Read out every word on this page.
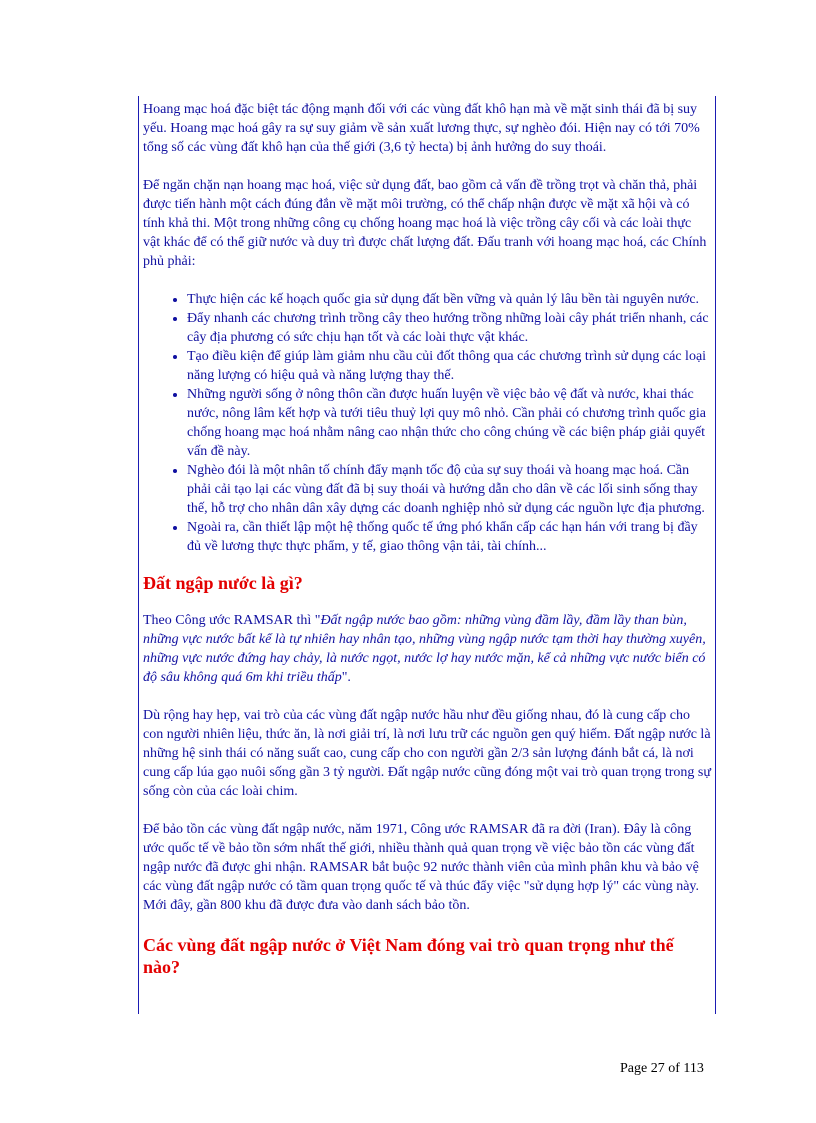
Hoang mạc hoá đặc biệt tác động mạnh đối với các vùng đất khô hạn mà về mặt sinh thái đã bị suy yếu. Hoang mạc hoá gây ra sự suy giảm về sản xuất lương thực, sự nghèo đói. Hiện nay có tới 70% tổng số các vùng đất khô hạn của thế giới (3,6 tỷ hecta) bị ảnh hưởng do suy thoái.

Để ngăn chặn nạn hoang mạc hoá, việc sử dụng đất, bao gồm cả vấn đề trồng trọt và chăn thả, phải được tiến hành một cách đúng đắn về mặt môi trường, có thể chấp nhận được về mặt xã hội và có tính khả thi. Một trong những công cụ chống hoang mạc hoá là việc trồng cây cối và các loài thực vật khác để có thể giữ nước và duy trì được chất lượng đất. Đấu tranh với hoang mạc hoá, các Chính phủ phải:

• Thực hiện các kế hoạch quốc gia sử dụng đất bền vững và quản lý lâu bền tài nguyên nước.
• Đẩy nhanh các chương trình trồng cây theo hướng trồng những loài cây phát triển nhanh, các cây địa phương có sức chịu hạn tốt và các loài thực vật khác.
• Tạo điều kiện để giúp làm giảm nhu cầu củi đốt thông qua các chương trình sử dụng các loại năng lượng có hiệu quả và năng lượng thay thế.
• Những người sống ở nông thôn cần được huấn luyện về việc bảo vệ đất và nước, khai thác nước, nông lâm kết hợp và tưới tiêu thuỷ lợi quy mô nhỏ. Cần phải có chương trình quốc gia chống hoang mạc hoá nhằm nâng cao nhận thức cho công chúng về các biện pháp giải quyết vấn đề này.
• Nghèo đói là một nhân tố chính đẩy mạnh tốc độ của sự suy thoái và hoang mạc hoá. Cần phải cải tạo lại các vùng đất đã bị suy thoái và hướng dẫn cho dân về các lối sinh sống thay thế, hỗ trợ cho nhân dân xây dựng các doanh nghiệp nhỏ sử dụng các nguồn lực địa phương.
• Ngoài ra, cần thiết lập một hệ thống quốc tế ứng phó khẩn cấp các hạn hán với trang bị đầy đủ về lương thực thực phẩm, y tế, giao thông vận tải, tài chính...
Đất ngập nước là gì?

Theo Công ước RAMSAR thì "Đất ngập nước bao gồm: những vùng đầm lầy, đầm lầy than bùn, những vực nước bất kể là tự nhiên hay nhân tạo, những vùng ngập nước tạm thời hay thường xuyên, những vực nước đứng hay chảy, là nước ngọt, nước lợ hay nước mặn, kể cả những vực nước biển có độ sâu không quá 6m khi triều thấp".

Dù rộng hay hẹp, vai trò của các vùng đất ngập nước hầu như đều giống nhau, đó là cung cấp cho con người nhiên liệu, thức ăn, là nơi giải trí, là nơi lưu trữ các nguồn gen quý hiếm. Đất ngập nước là những hệ sinh thái có năng suất cao, cung cấp cho con người gần 2/3 sản lượng đánh bắt cá, là nơi cung cấp lúa gạo nuôi sống gần 3 tỷ người. Đất ngập nước cũng đóng một vai trò quan trọng trong sự sống còn của các loài chim.

Để bảo tồn các vùng đất ngập nước, năm 1971, Công ước RAMSAR đã ra đời (Iran). Đây là công ước quốc tế về bảo tồn sớm nhất thế giới, nhiều thành quả quan trọng về việc bảo tồn các vùng đất ngập nước đã được ghi nhận. RAMSAR bắt buộc 92 nước thành viên của mình phân khu và bảo vệ các vùng đất ngập nước có tầm quan trọng quốc tế và thúc đẩy việc "sử dụng hợp lý" các vùng này. Mới đây, gần 800 khu đã được đưa vào danh sách bảo tồn.

Các vùng đất ngập nước ở Việt Nam đóng vai trò quan trọng như thế nào?
Page 27 of 113
